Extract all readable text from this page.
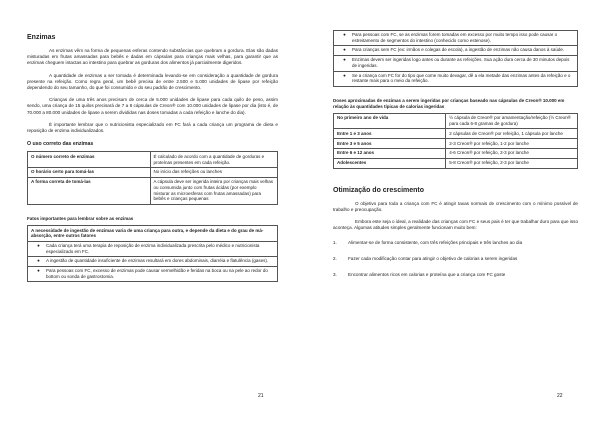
Enzimas

As enzimas vêm na forma de pequenas esferas contendo substâncias que quebram a gordura. Elas são dadas misturadas em frutas amassadas para bebês e dadas em cápsulas para crianças mais velhas, para garantir que as enzimas cheguem intactas ao intestino para quebrar as gorduras dos alimentos já parcialmente digeridos.

A quantidade de enzimas a ser tomada é determinada levando-se em consideração a quantidade de gordura presente na refeição. Como regra geral, um bebê precisa de entre 2.500 e 5.000 unidades de lipase por refeição dependendo do seu tamanho, do que foi consumido e do seu padrão de crescimento.

Crianças de uma três anos precisam de cerca de 5.000 unidades de lipase para cada quilo de peso, assim sendo, uma criança de 15 quilos precisará de 7 a 8 cápsulas de Creon® com 10.000 unidades de lipase por dia (isto é, de 70.000 a 80.000 unidades de lipase a serem divididas nas doses tomadas a cada refeição e lanche do dia).

É importante lembrar que o nutricionista especializado em FC fará a cada criança um programa de dieta e reposição de enzima individualizados.

O uso correto das enzimas
O número correto de enzimas	É calculado de acordo com a quantidade de gorduras e proteínas presentes em cada refeição.
O horário certo para tomá-las	No início das refeições ou lanches
A forma correta de tomá-las	A cápsula deve ser ingerida inteira por crianças mais velhas ou consumida junto com frutas ácidas (por exemplo misturar as microesferas com frutas amassadas) para bebês e crianças pequenas
Fatos importantes para lembrar sobre as enzimas
A necessidade de ingestão de enzimas varia de uma criança para outra, e depende da dieta e do grau de má-absorção, entre outros fatores

●	Cada criança terá uma terapia de reposição de enzima individualizada prescrita pelo médico e nutricionista especializado em FC.

●	A ingestão de quantidade insuficiente de enzimas resultará em dores abdominais, diarréia e flatulência (gases).

●	Para pessoas com FC, excesso de enzimas pode causar vermelhidão e feridas na boca ou na pele ao redor do bottom ou sonda de gastrostomia.

21
●	Para pessoas com FC, se as enzimas forem tomadas em excesso por muito tempo isso pode causar o estreitamento de segmentos do intestino (conhecido como estenose).

●	Para crianças sem FC (ex: irmãos e colegas de escola), a ingestão de enzimas não causa danos à saúde.

●	Enzimas devem ser ingeridas logo antes ou durante as refeições. Sua ação dura cerca de 30 minutos depois de ingeridas.

●	Se a criança com FC for do tipo que come muito devagar, dê a ela metade das enzimas antes da refeição e o restante mais para o meio da refeição.

Doses aproximadas de enzimas a serem ingeridas por crianças baseado nas cápsulas de Creon® 10.000 em relação às quantidades típicas de calorias ingeridas
No primeiro ano de vida	½ cápsula de Creon® por amamentação/refeição (½ Creon® para cada 6-8 gramas de gordura)
Entre 1 e 3 anos	2 cápsulas de Creon® por refeição, 1 cápsula por lanche
Entre 3 e 5 anos	2-3 Creon® por refeição, 1-2 por lanche
Entre 6 e 12 anos	4-6 Creon® por refeição, 2-3 por lanche
Adolescentes	5-8 Creon® por refeição, 2-3 por lanche
Otimização do crescimento

O objetivo para toda a criança com FC é atingir taxas normais de crescimento com o mínimo possível de trabalho e preocupação.

Embora este seja o ideal, a realidade das crianças com FC e seus pais é ter que trabalhar duro para que isso aconteça. Algumas atitudes simples geralmente funcionam muito bem:

1.	Alimentar-se de forma consistente, com três refeições principais e três lanches ao dia
2.	Fazer cada modificação contar para atingir o objetivo de calorias a serem ingeridas
3.	Encontrar alimentos ricos em calorias e proteína que a criança com FC goste
22
